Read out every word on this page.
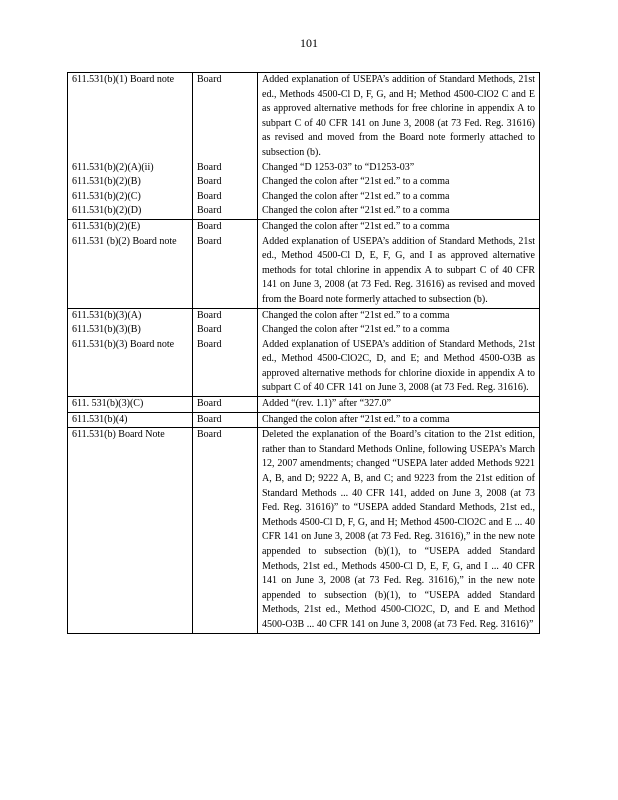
101
611.531(b)(1) Board note	Board	Added explanation of USEPA’s addition of Standard Methods, 21st ed., Methods 4500-Cl D, F, G, and H; Method 4500-ClO2 C and E as approved alternative methods for free chlorine in appendix A to subpart C of 40 CFR 141 on June 3, 2008 (at 73 Fed. Reg. 31616) as revised and moved from the Board note formerly attached to subsection (b).
611.531(b)(2)(A)(ii)	Board	Changed “D 1253-03” to “D1253-03”
611.531(b)(2)(B)	Board	Changed the colon after “21st ed.” to a comma
611.531(b)(2)(C)	Board	Changed the colon after “21st ed.” to a comma
611.531(b)(2)(D)	Board	Changed the colon after “21st ed.” to a comma
611.531(b)(2)(E)	Board	Changed the colon after “21st ed.” to a comma
611.531 (b)(2) Board note	Board	Added explanation of USEPA’s addition of Standard Methods, 21st ed., Method 4500-Cl D, E, F, G, and I as approved alternative methods for total chlorine in appendix A to subpart C of 40 CFR 141 on June 3, 2008 (at 73 Fed. Reg. 31616) as revised and moved from the Board note formerly attached to subsection (b).
611.531(b)(3)(A)	Board	Changed the colon after “21st ed.” to a comma
611.531(b)(3)(B)	Board	Changed the colon after “21st ed.” to a comma
611.531(b)(3) Board note	Board	Added explanation of USEPA’s addition of Standard Methods, 21st ed., Method 4500-ClO2C, D, and E; and Method 4500-O3B as approved alternative methods for chlorine dioxide in appendix A to subpart C of 40 CFR 141 on June 3, 2008 (at 73 Fed. Reg. 31616).
611. 531(b)(3)(C)	Board	Added “(rev. 1.1)” after “327.0”
611.531(b)(4)	Board	Changed the colon after “21st ed.” to a comma
611.531(b) Board Note	Board	Deleted the explanation of the Board’s citation to the 21st edition, rather than to Standard Methods Online, following USEPA’s March 12, 2007 amendments; changed “USEPA later added Methods 9221 A, B, and D; 9222 A, B, and C; and 9223 from the 21st edition of Standard Methods ... 40 CFR 141, added on June 3, 2008 (at 73 Fed. Reg. 31616)” to “USEPA added Standard Methods, 21st ed., Methods 4500-Cl D, F, G, and H; Method 4500-ClO2C and E ... 40 CFR 141 on June 3, 2008 (at 73 Fed. Reg. 31616),” in the new note appended to subsection (b)(1), to “USEPA added Standard Methods, 21st ed., Methods 4500-Cl D, E, F, G, and I ... 40 CFR 141 on June 3, 2008 (at 73 Fed. Reg. 31616),” in the new note appended to subsection (b)(1), to “USEPA added Standard Methods, 21st ed., Method 4500-ClO2C, D, and E and Method 4500-O3B ... 40 CFR 141 on June 3, 2008 (at 73 Fed. Reg. 31616)”
